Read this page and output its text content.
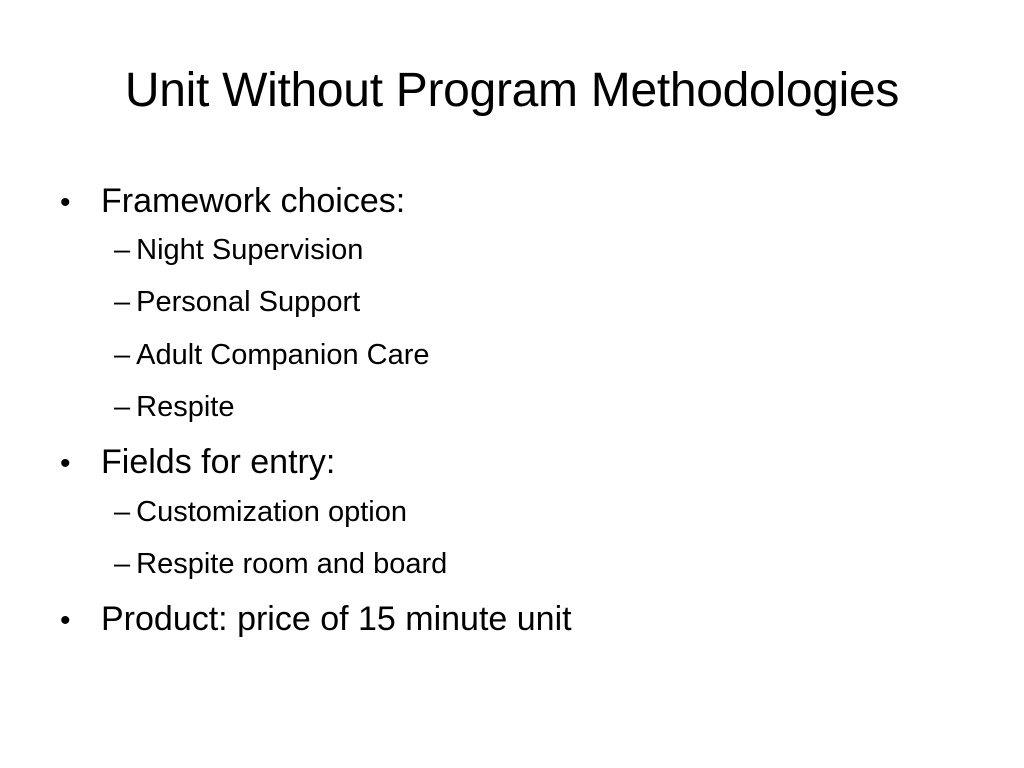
Unit Without Program Methodologies
• Framework choices:
– Night Supervision
– Personal Support
– Adult Companion Care
– Respite
• Fields for entry:
– Customization option
– Respite room and board
• Product: price of 15 minute unit
